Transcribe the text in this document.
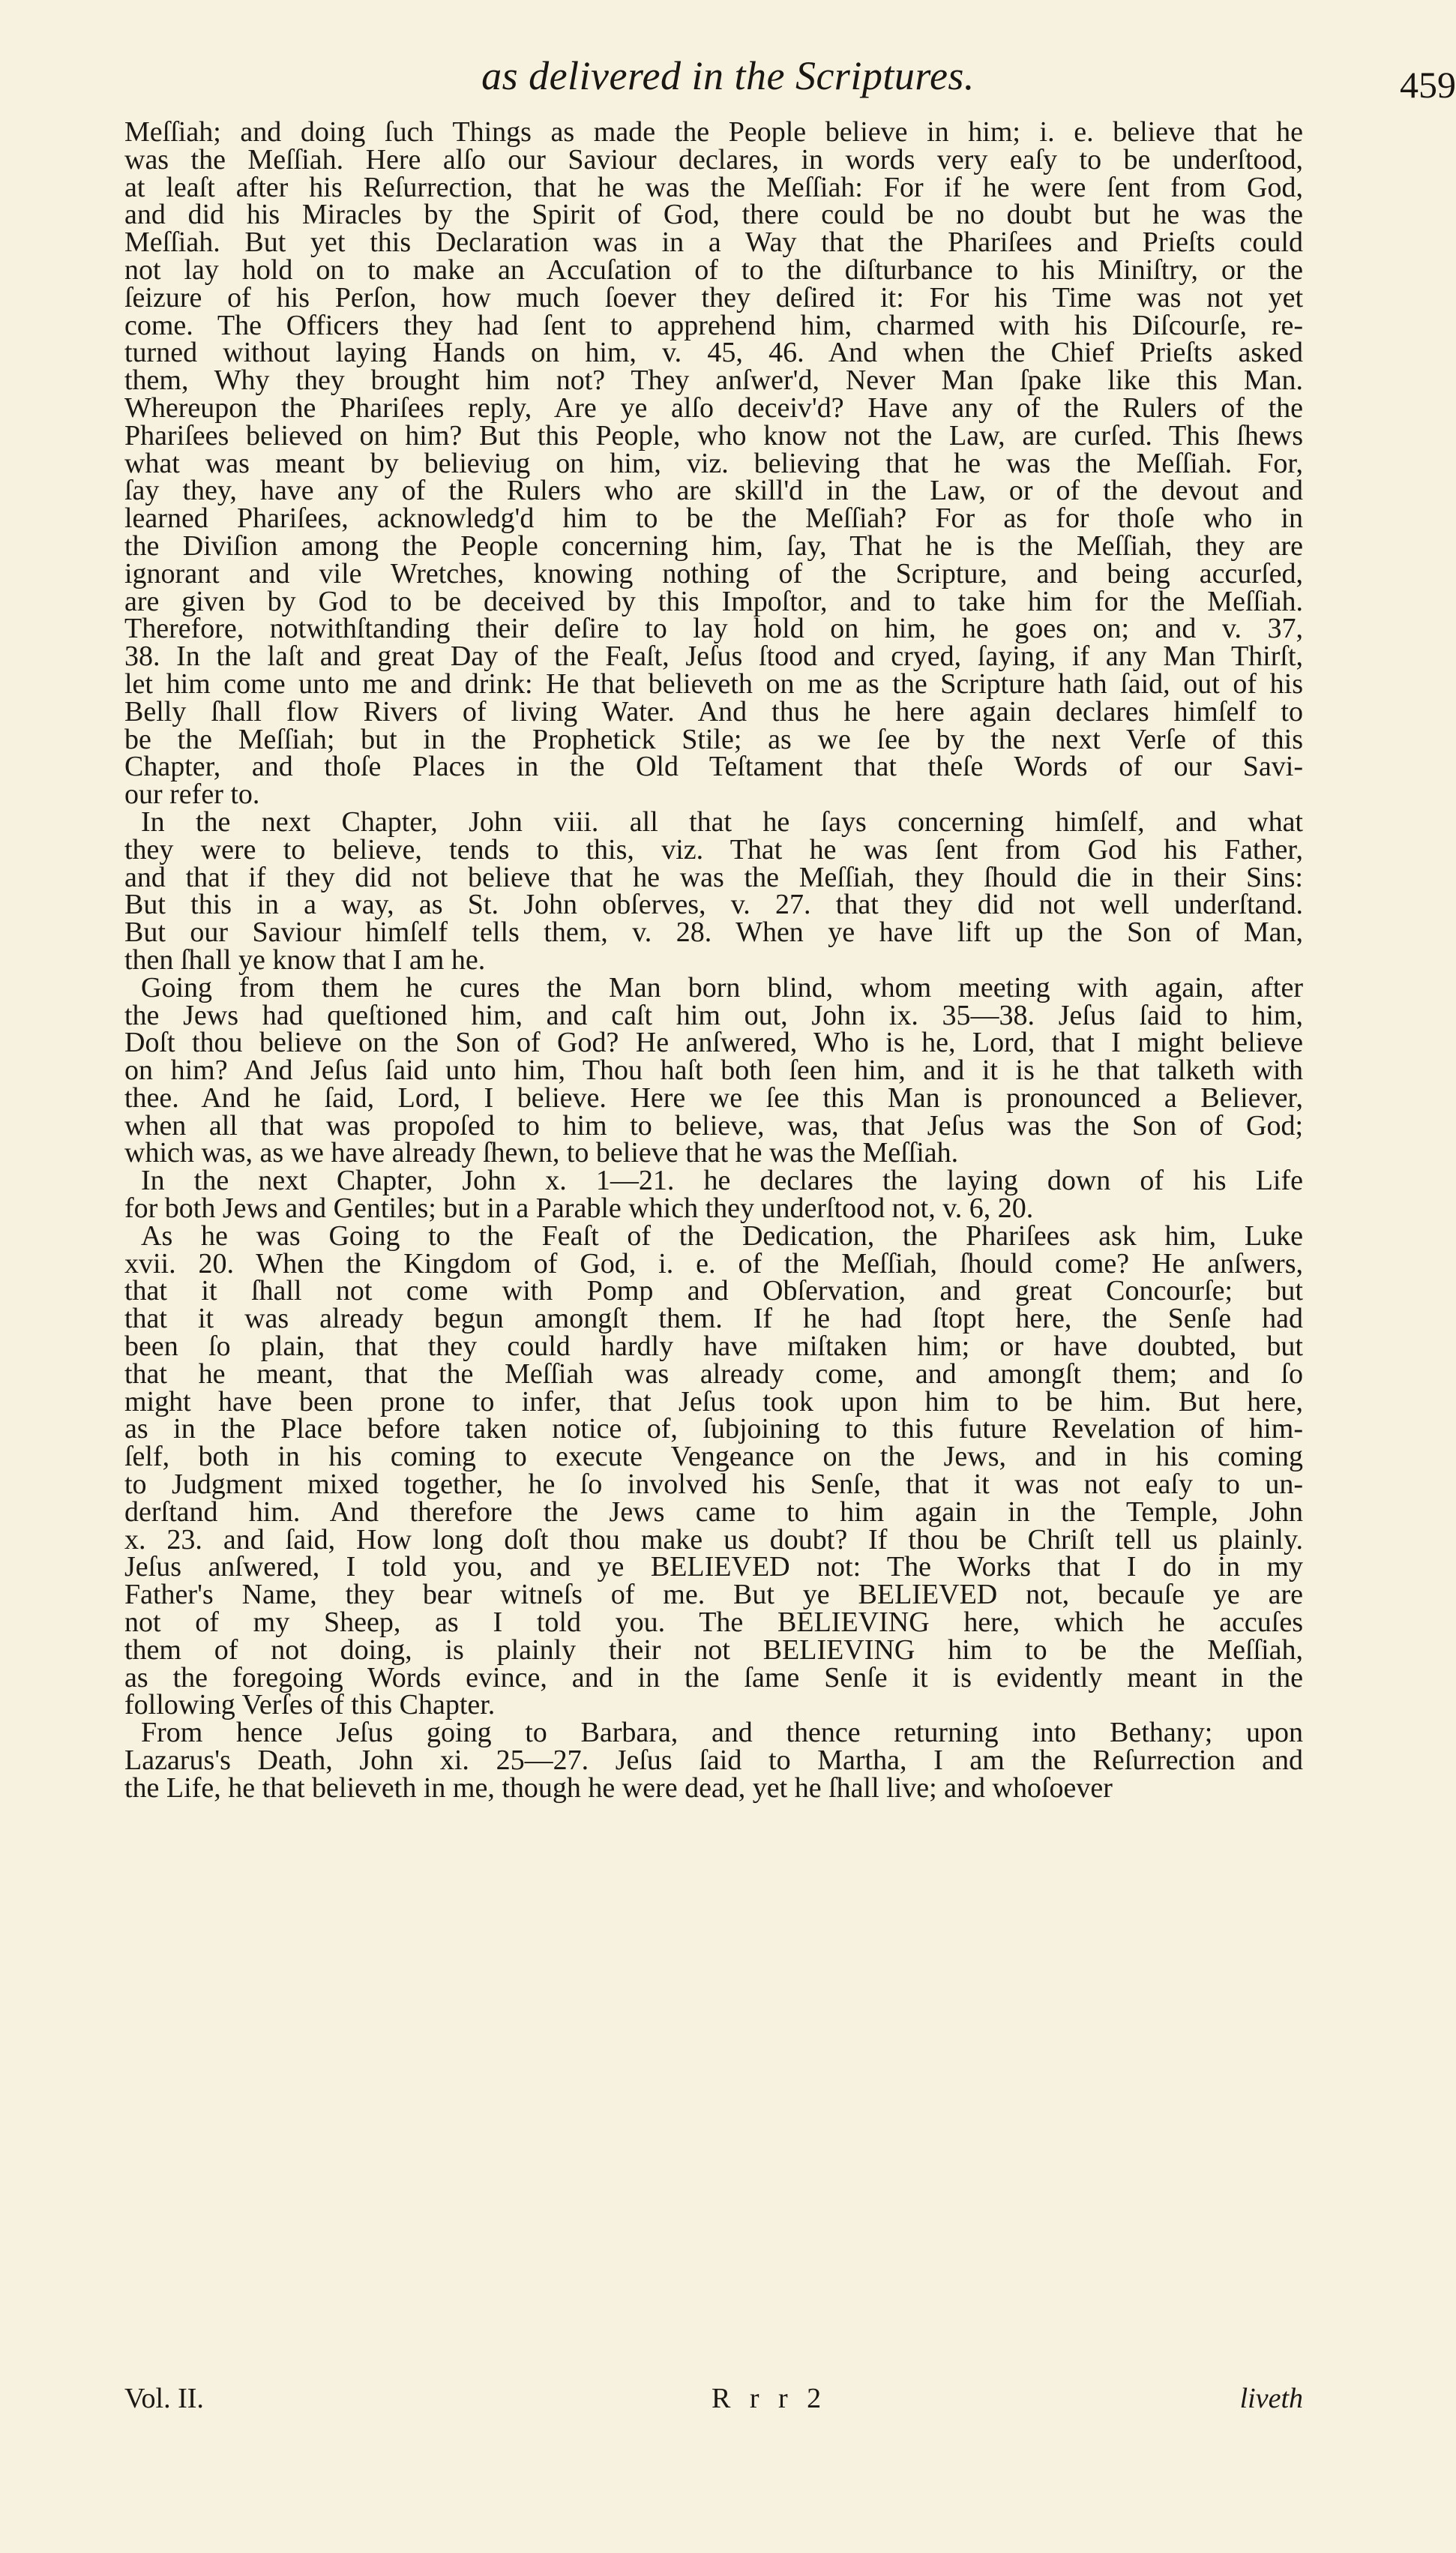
as delivered in the Scriptures.	459
Meſſiah; and doing ſuch Things as made the People believe in him; i. e. believe that he
was the Meſſiah. Here alſo our Saviour declares, in words very eaſy to be underſtood,
at leaſt after his Reſurrection, that he was the Meſſiah: For if he were ſent from God,
and did his Miracles by the Spirit of God, there could be no doubt but he was the
Meſſiah. But yet this Declaration was in a Way that the Phariſees and Prieſts could
not lay hold on to make an Accuſation of to the diſturbance to his Miniſtry, or the
ſeizure of his Perſon, how much ſoever they deſired it: For his Time was not yet
come. The Officers they had ſent to apprehend him, charmed with his Diſcourſe, re-
turned without laying Hands on him, v. 45, 46. And when the Chief Prieſts asked
them, Why they brought him not? They anſwer'd, Never Man ſpake like this Man.
Whereupon the Phariſees reply, Are ye alſo deceiv'd? Have any of the Rulers of the
Phariſees believed on him? But this People, who know not the Law, are curſed. This ſhews
what was meant by believiug on him, viz. believing that he was the Meſſiah. For,
ſay they, have any of the Rulers who are skill'd in the Law, or of the devout and
learned Phariſees, acknowledg'd him to be the Meſſiah? For as for thoſe who in
the Diviſion among the People concerning him, ſay, That he is the Meſſiah, they are
ignorant and vile Wretches, knowing nothing of the Scripture, and being accurſed,
are given by God to be deceived by this Impoſtor, and to take him for the Meſſiah.
Therefore, notwithſtanding their deſire to lay hold on him, he goes on; and v. 37,
38. In the laſt and great Day of the Feaſt, Jeſus ſtood and cryed, ſaying, if any Man Thirſt,
let him come unto me and drink: He that believeth on me as the Scripture hath ſaid, out of his
Belly ſhall flow Rivers of living Water. And thus he here again declares himſelf to
be the Meſſiah; but in the Prophetick Stile; as we ſee by the next Verſe of this
Chapter, and thoſe Places in the Old Teſtament that theſe Words of our Savi-
our refer to.
In the next Chapter, John viii. all that he ſays concerning himſelf, and what
they were to believe, tends to this, viz. That he was ſent from God his Father,
and that if they did not believe that he was the Meſſiah, they ſhould die in their Sins:
But this in a way, as St. John obſerves, v. 27. that they did not well underſtand.
But our Saviour himſelf tells them, v. 28. When ye have lift up the Son of Man,
then ſhall ye know that I am he.
Going from them he cures the Man born blind, whom meeting with again, after
the Jews had queſtioned him, and caſt him out, John ix. 35—38. Jeſus ſaid to him,
Doſt thou believe on the Son of God? He anſwered, Who is he, Lord, that I might believe
on him? And Jeſus ſaid unto him, Thou haſt both ſeen him, and it is he that talketh with
thee. And he ſaid, Lord, I believe. Here we ſee this Man is pronounced a Believer,
when all that was propoſed to him to believe, was, that Jeſus was the Son of God;
which was, as we have already ſhewn, to believe that he was the Meſſiah.
In the next Chapter, John x. 1—21. he declares the laying down of his Life
for both Jews and Gentiles; but in a Parable which they underſtood not, v. 6, 20.
As he was Going to the Feaſt of the Dedication, the Phariſees ask him, Luke
xvii. 20. When the Kingdom of God, i. e. of the Meſſiah, ſhould come? He anſwers,
that it ſhall not come with Pomp and Obſervation, and great Concourſe; but
that it was already begun amongſt them. If he had ſtopt here, the Senſe had
been ſo plain, that they could hardly have miſtaken him; or have doubted, but
that he meant, that the Meſſiah was already come, and amongſt them; and ſo
might have been prone to infer, that Jeſus took upon him to be him. But here,
as in the Place before taken notice of, ſubjoining to this future Revelation of him-
ſelf, both in his coming to execute Vengeance on the Jews, and in his coming
to Judgment mixed together, he ſo involved his Senſe, that it was not eaſy to un-
derſtand him. And therefore the Jews came to him again in the Temple, John
x. 23. and ſaid, How long doſt thou make us doubt? If thou be Chriſt tell us plainly.
Jeſus anſwered, I told you, and ye BELIEVED not: The Works that I do in my
Father's Name, they bear witneſs of me. But ye BELIEVED not, becauſe ye are
not of my Sheep, as I told you. The BELIEVING here, which he accuſes
them of not doing, is plainly their not BELIEVING him to be the Meſſiah,
as the foregoing Words evince, and in the ſame Senſe it is evidently meant in the
following Verſes of this Chapter.
From hence Jeſus going to Barbara, and thence returning into Bethany; upon
Lazarus's Death, John xi. 25—27. Jeſus ſaid to Martha, I am the Reſurrection and
the Life, he that believeth in me, though he were dead, yet he ſhall live; and whoſoever
Vol. II.	R r r 2	liveth
